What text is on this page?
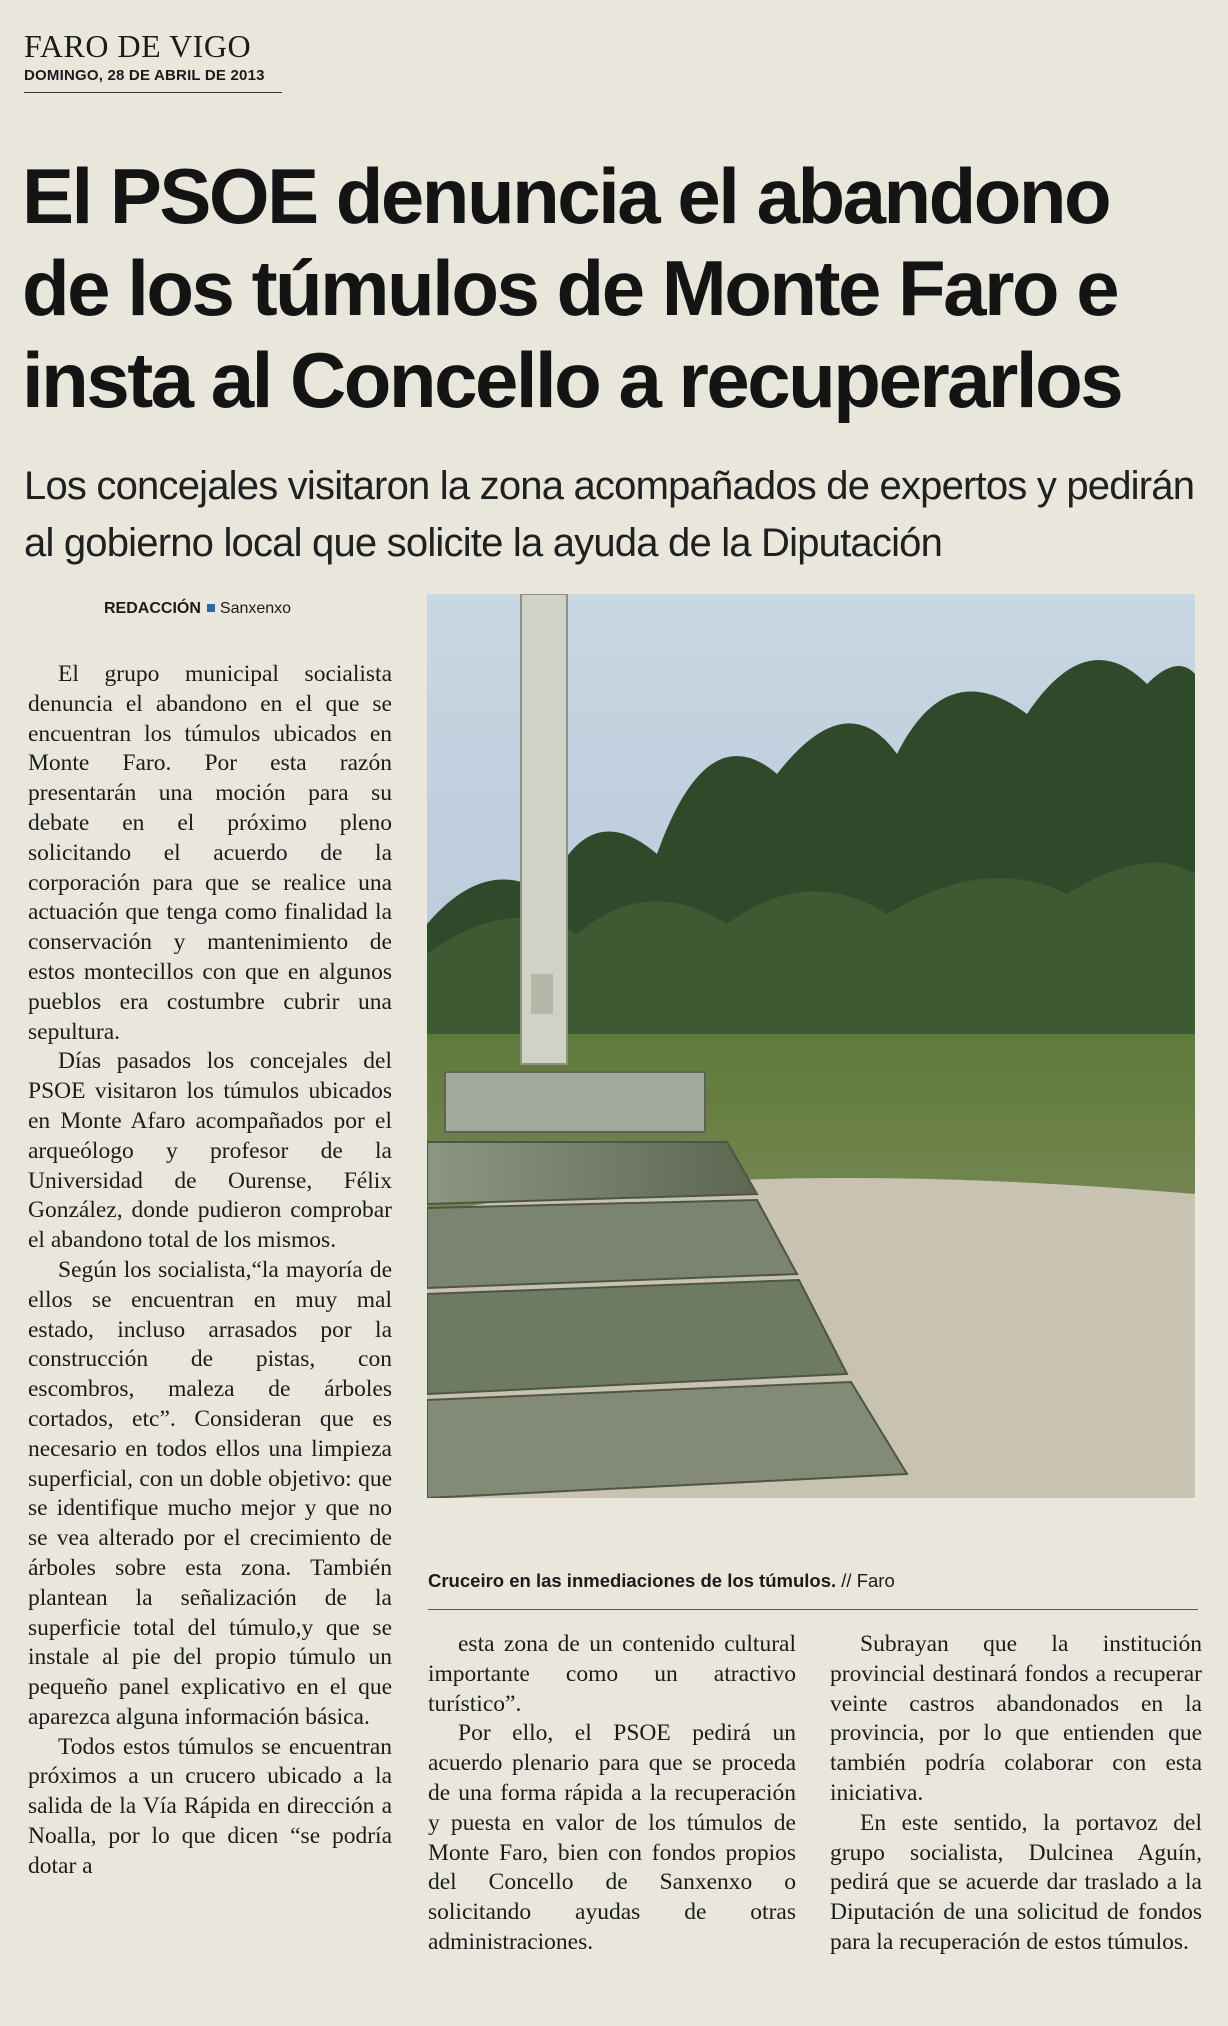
FARO DE VIGO
DOMINGO, 28 DE ABRIL DE 2013
El PSOE denuncia el abandono
de los túmulos de Monte Faro e
insta al Concello a recuperarlos
Los concejales visitaron la zona acompañados de expertos y pedirán al gobierno local que solicite la ayuda de la Diputación
REDACCIÓN Sanxenxo

El grupo municipal socialista denuncia el abandono en el que se encuentran los túmulos ubicados en Monte Faro. Por esta razón presentarán una moción para su debate en el próximo pleno solicitando el acuerdo de la corporación para que se realice una actuación que tenga como finalidad la conservación y mantenimiento de estos montecillos con que en algunos pueblos era costumbre cubrir una sepultura.

Días pasados los concejales del PSOE visitaron los túmulos ubicados en Monte Afaro acompañados por el arqueólogo y profesor de la Universidad de Ourense, Félix González, donde pudieron comprobar el abandono total de los mismos.

Según los socialista,“la mayoría de ellos se encuentran en muy mal estado, incluso arrasados por la construcción de pistas, con escombros, maleza de árboles cortados, etc”. Consideran que es necesario en todos ellos una limpieza superficial, con un doble objetivo: que se identifique mucho mejor y que no se vea alterado por el crecimiento de árboles sobre esta zona. También plantean la señalización de la superficie total del túmulo,y que se instale al pie del propio túmulo un pequeño panel explicativo en el que aparezca alguna información básica.

Todos estos túmulos se encuentran próximos a un crucero ubicado a la salida de la Vía Rápida en dirección a Noalla, por lo que dicen “se podría dotar a

Cruceiro en las inmediaciones de los túmulos. // Faro

esta zona de un contenido cultural importante como un atractivo turístico”.

Por ello, el PSOE pedirá un acuerdo plenario para que se proceda de una forma rápida a la recuperación y puesta en valor de los túmulos de Monte Faro, bien con fondos propios del Concello de Sanxenxo o solicitando ayudas de otras administraciones.

Subrayan que la institución provincial destinará fondos a recuperar veinte castros abandonados en la provincia, por lo que entienden que también podría colaborar con esta iniciativa.

En este sentido, la portavoz del grupo socialista, Dulcinea Aguín, pedirá que se acuerde dar traslado a la Diputación de una solicitud de fondos para la recuperación de estos túmulos.
